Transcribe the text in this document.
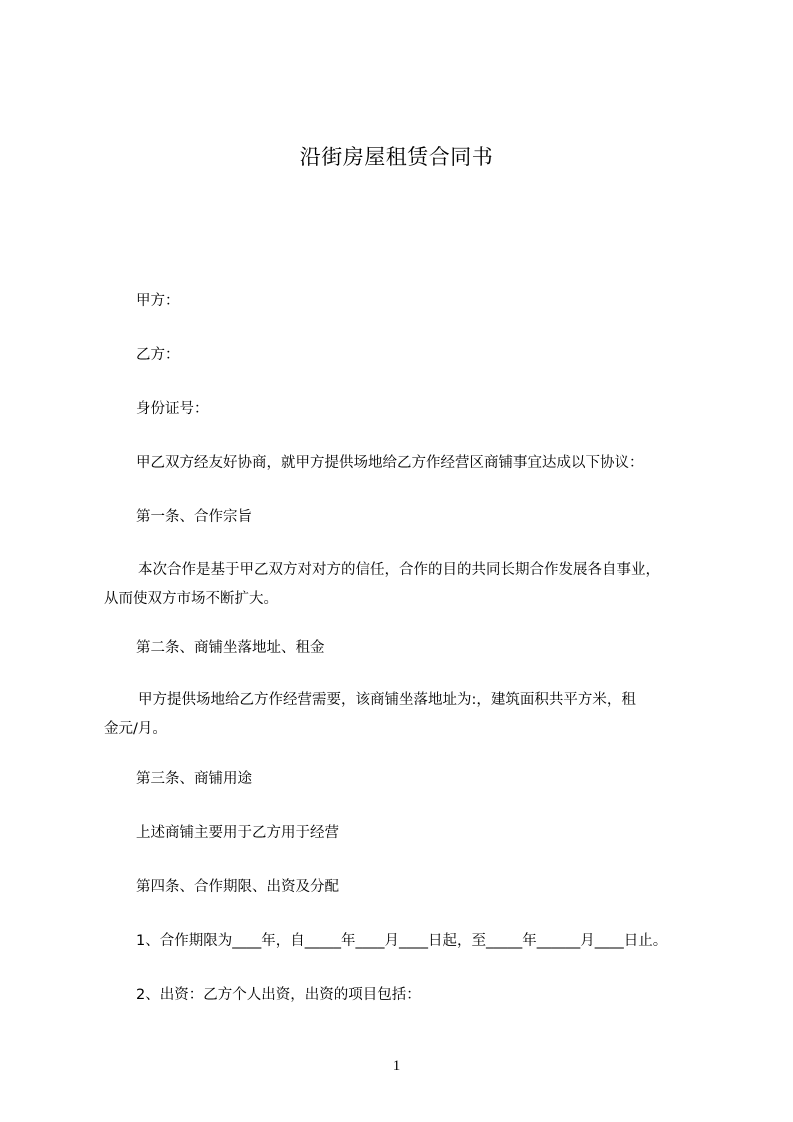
沿街房屋租赁合同书
甲方：
乙方：
身份证号：
甲乙双方经友好协商，就甲方提供场地给乙方作经营区商铺事宜达成以下协议：
第一条、合作宗旨
本次合作是基于甲乙双方对对方的信任，合作的目的共同长期合作发展各自事业，
从而使双方市场不断扩大。
第二条、商铺坐落地址、租金
甲方提供场地给乙方作经营需要，该商铺坐落地址为:，建筑面积共平方米，租
金元/月。
第三条、商铺用途
上述商铺主要用于乙方用于经营
第四条、合作期限、出资及分配
1、合作期限为____年，自_____年____月____日起，至_____年______月____日止。
2、出资：乙方个人出资，出资的项目包括：
1
